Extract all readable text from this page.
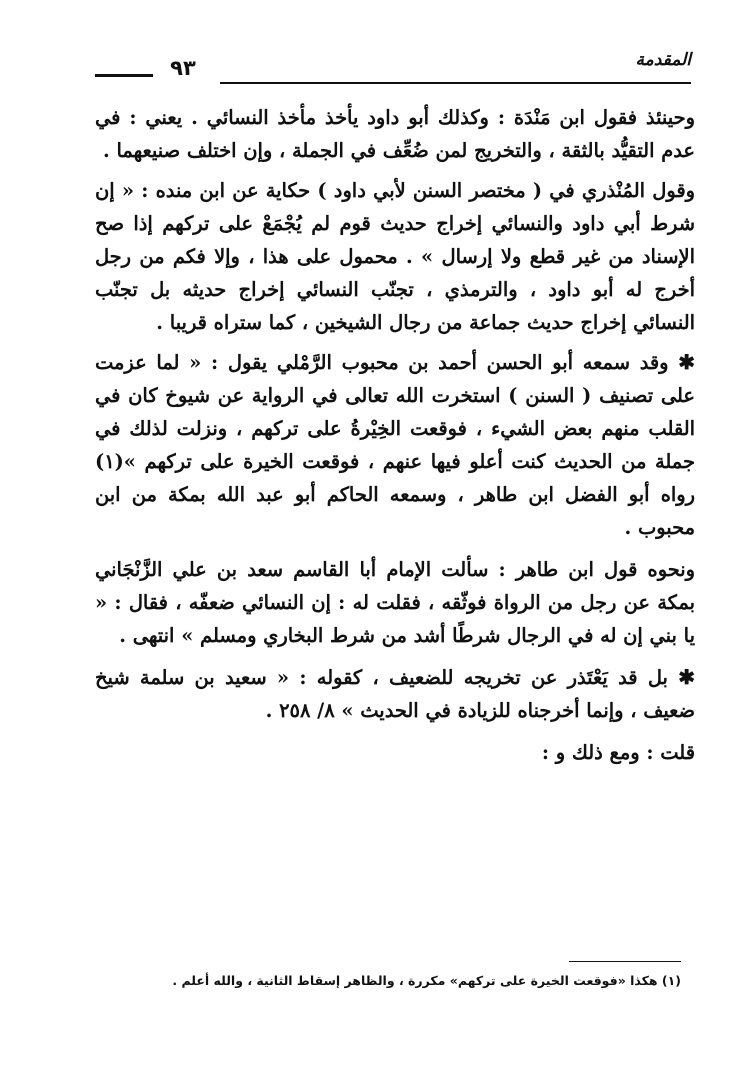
المقدمة
٩٣

وحينئذ فقول ابن مَنْدَة : وكذلك أبو داود يأخذ مأخذ النسائي . يعني : في عدم التقيُّد بالثقة ، والتخريج لمن ضُعِّف في الجملة ، وإن اختلف صنيعهما .

وقول المُنْذري في ( مختصر السنن لأبي داود ) حكاية عن ابن منده : « إن شرط أبي داود والنسائي إخراج حديث قوم لم يُجْمَعْ على تركهم إذا صح الإسناد من غير قطع ولا إرسال » . محمول على هذا ، وإلا فكم من رجل أخرج له أبو داود ، والترمذي ، تجنّب النسائي إخراج حديثه بل تجنّب النسائي إخراج حديث جماعة من رجال الشيخين ، كما ستراه قريبا .

✱ وقد سمعه أبو الحسن أحمد بن محبوب الرَّمْلي يقول : « لما عزمت على تصنيف ( السنن ) استخرت الله تعالى في الرواية عن شيوخ كان في القلب منهم بعض الشيء ، فوقعت الخِيْرةُ على تركهم ، ونزلت لذلك في جملة من الحديث كنت أعلو فيها عنهم ، فوقعت الخيرة على تركهم »(١) رواه أبو الفضل ابن طاهر ، وسمعه الحاكم أبو عبد الله بمكة من ابن محبوب .

ونحوه قول ابن طاهر : سألت الإمام أبا القاسم سعد بن علي الزَّنْجَاني بمكة عن رجل من الرواة فوثّقه ، فقلت له : إن النسائي ضعفّه ، فقال : « يا بني إن له في الرجال شرطًا أشد من شرط البخاري ومسلم » انتهى .

✱ بل قد يَعْتَذر عن تخريجه للضعيف ، كقوله : « سعيد بن سلمة شيخ ضعيف ، وإنما أخرجناه للزيادة في الحديث » ٨/ ٢٥٨ .

قلت : ومع ذلك و :

(١) هكذا «فوقعت الخيرة على تركهم» مكررة ، والظاهر إسقاط الثانية ، والله أعلم .
